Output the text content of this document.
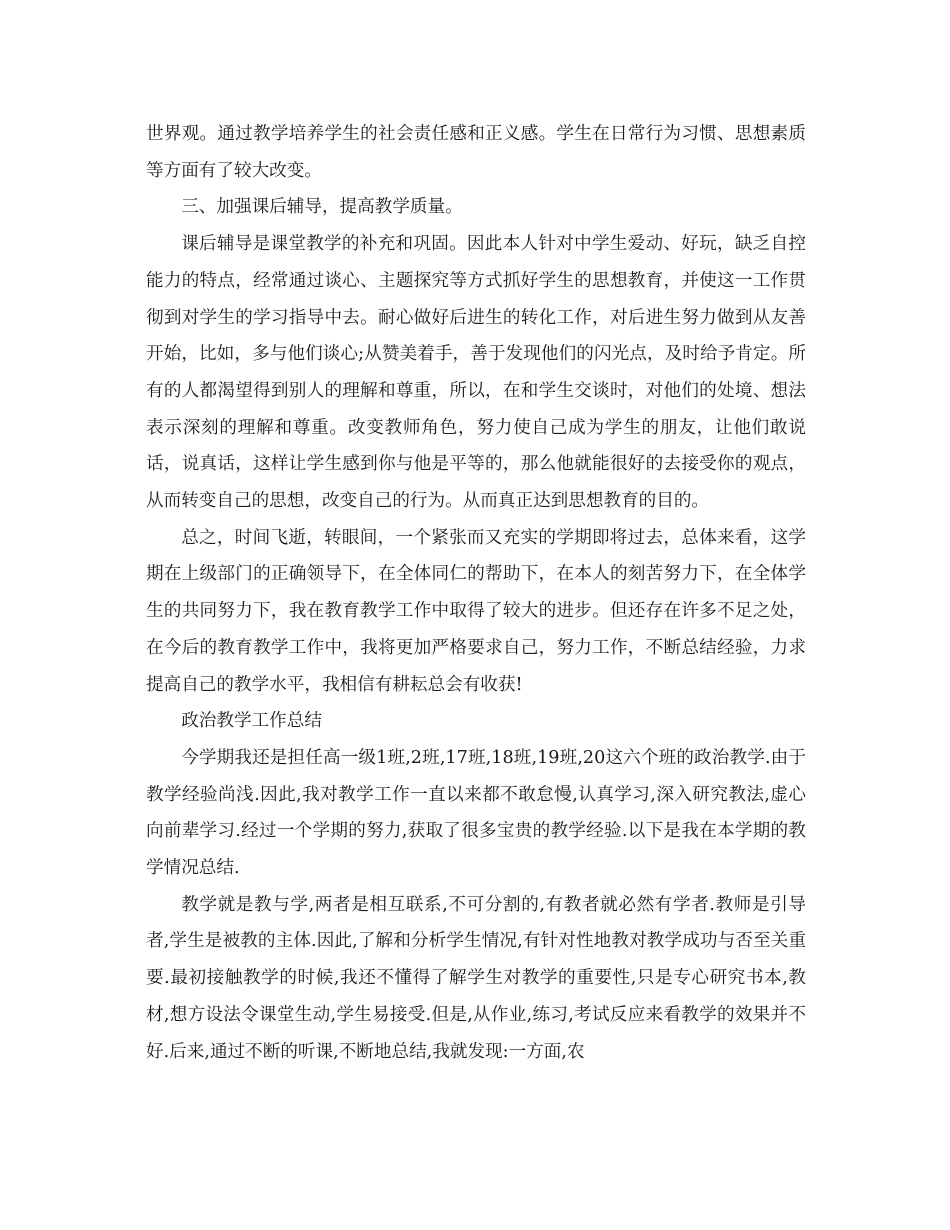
世界观。通过教学培养学生的社会责任感和正义感。学生在日常行为习惯、思想素质等方面有了较大改变。

三、加强课后辅导，提高教学质量。

课后辅导是课堂教学的补充和巩固。因此本人针对中学生爱动、好玩，缺乏自控能力的特点，经常通过谈心、主题探究等方式抓好学生的思想教育，并使这一工作贯彻到对学生的学习指导中去。耐心做好后进生的转化工作，对后进生努力做到从友善开始，比如，多与他们谈心;从赞美着手，善于发现他们的闪光点，及时给予肯定。所有的人都渴望得到别人的理解和尊重，所以，在和学生交谈时，对他们的处境、想法表示深刻的理解和尊重。改变教师角色，努力使自己成为学生的朋友，让他们敢说话，说真话，这样让学生感到你与他是平等的，那么他就能很好的去接受你的观点，从而转变自己的思想，改变自己的行为。从而真正达到思想教育的目的。

总之，时间飞逝，转眼间，一个紧张而又充实的学期即将过去，总体来看，这学期在上级部门的正确领导下，在全体同仁的帮助下，在本人的刻苦努力下，在全体学生的共同努力下，我在教育教学工作中取得了较大的进步。但还存在许多不足之处，在今后的教育教学工作中，我将更加严格要求自己，努力工作，不断总结经验，力求提高自己的教学水平，我相信有耕耘总会有收获!

政治教学工作总结

今学期我还是担任高一级1班,2班,17班,18班,19班,20这六个班的政治教学.由于教学经验尚浅.因此,我对教学工作一直以来都不敢怠慢,认真学习,深入研究教法,虚心向前辈学习.经过一个学期的努力,获取了很多宝贵的教学经验.以下是我在本学期的教学情况总结.

教学就是教与学,两者是相互联系,不可分割的,有教者就必然有学者.教师是引导者,学生是被教的主体.因此,了解和分析学生情况,有针对性地教对教学成功与否至关重要.最初接触教学的时候,我还不懂得了解学生对教学的重要性,只是专心研究书本,教材,想方设法令课堂生动,学生易接受.但是,从作业,练习,考试反应来看教学的效果并不好.后来,通过不断的听课,不断地总结,我就发现:一方面,农
